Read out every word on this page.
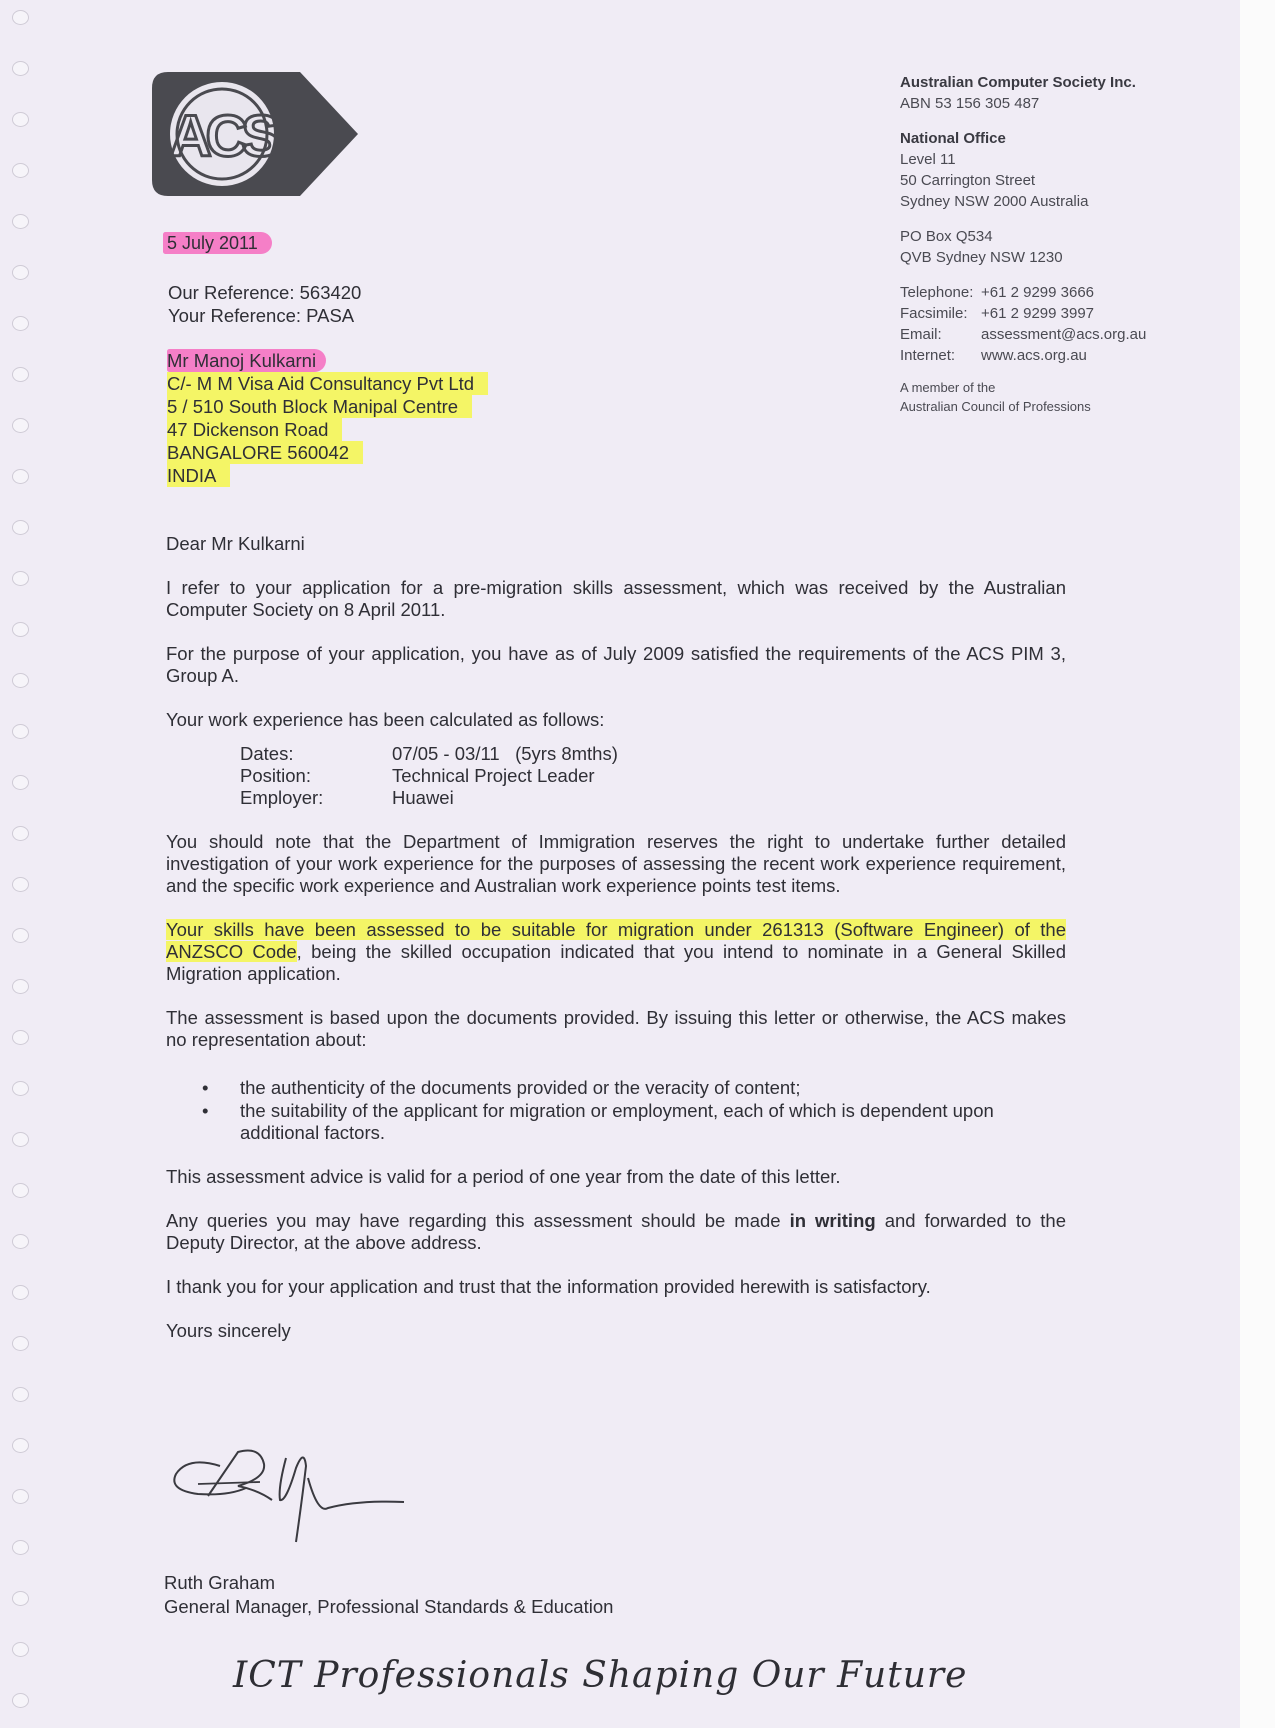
ACS
Australian Computer Society Inc.
ABN 53 156 305 487
National Office
Level 11
50 Carrington Street
Sydney NSW 2000 Australia
PO Box Q534
QVB Sydney NSW 1230
Telephone: +61 2 9299 3666
Facsimile: +61 2 9299 3997
Email:	assessment@acs.org.au
Internet:	www.acs.org.au
A member of the
Australian Council of Professions
5 July 2011
Our Reference: 563420
Your Reference: PASA
Mr Manoj Kulkarni
C/- M M Visa Aid Consultancy Pvt Ltd
5 / 510 South Block Manipal Centre
47 Dickenson Road
BANGALORE 560042
INDIA

Dear Mr Kulkarni

I refer to your application for a pre-migration skills assessment, which was received by the Australian Computer Society on 8 April 2011.

For the purpose of your application, you have as of July 2009 satisfied the requirements of the ACS PIM 3, Group A.

Your work experience has been calculated as follows:

Dates:	07/05 - 03/11   (5yrs 8mths)
Position:	Technical Project Leader
Employer:	Huawei

You should note that the Department of Immigration reserves the right to undertake further detailed investigation of your work experience for the purposes of assessing the recent work experience requirement, and the specific work experience and Australian work experience points test items.

Your skills have been assessed to be suitable for migration under 261313 (Software Engineer) of the ANZSCO Code, being the skilled occupation indicated that you intend to nominate in a General Skilled Migration application.

The assessment is based upon the documents provided. By issuing this letter or otherwise, the ACS makes no representation about:

• the authenticity of the documents provided or the veracity of content;
• the suitability of the applicant for migration or employment, each of which is dependent upon additional factors.

This assessment advice is valid for a period of one year from the date of this letter.

Any queries you may have regarding this assessment should be made in writing and forwarded to the Deputy Director, at the above address.

I thank you for your application and trust that the information provided herewith is satisfactory.

Yours sincerely

Ruth Graham
General Manager, Professional Standards & Education
ICT Professionals Shaping Our Future
